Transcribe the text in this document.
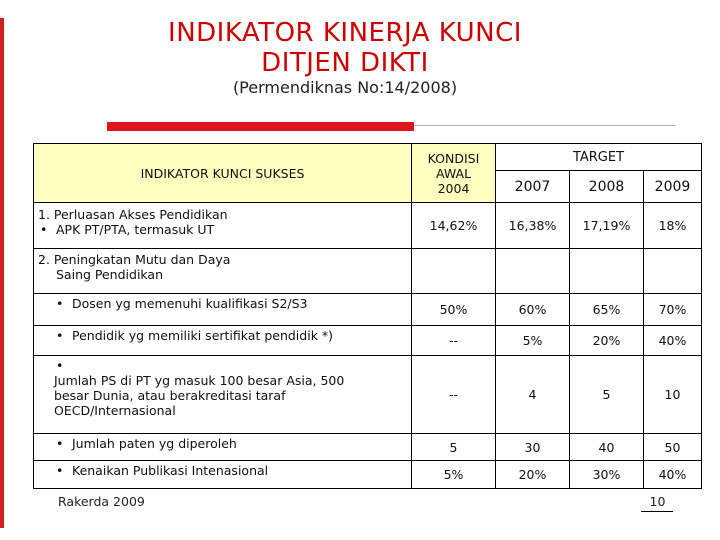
INDIKATOR KINERJA KUNCI
DITJEN DIKTI
(Permendiknas No:14/2008)
INDIKATOR KUNCI SUKSES	KONDISI
AWAL
2004	TARGET		
		2007	2008	2009

1. Perluasan Akses Pendidikan
• APK PT/PTA, termasuk UT	14,62%	16,38%	17,19%	18%

2. Peningkatan Mutu dan Daya
Saing Pendidikan				

• Dosen yg memenuhi kualifikasi S2/S3	50%	60%	65%	70%

• Pendidik yg memiliki sertifikat pendidik *)	--	5%	20%	40%

•
Jumlah PS di PT yg masuk 100 besar Asia, 500
besar Dunia, atau berakreditasi taraf
OECD/Internasional	--	4	5	10

• Jumlah paten yg diperoleh	5	30	40	50

• Kenaikan Publikasi Intenasional	5%	20%	30%	40%
Rakerda 2009	10
